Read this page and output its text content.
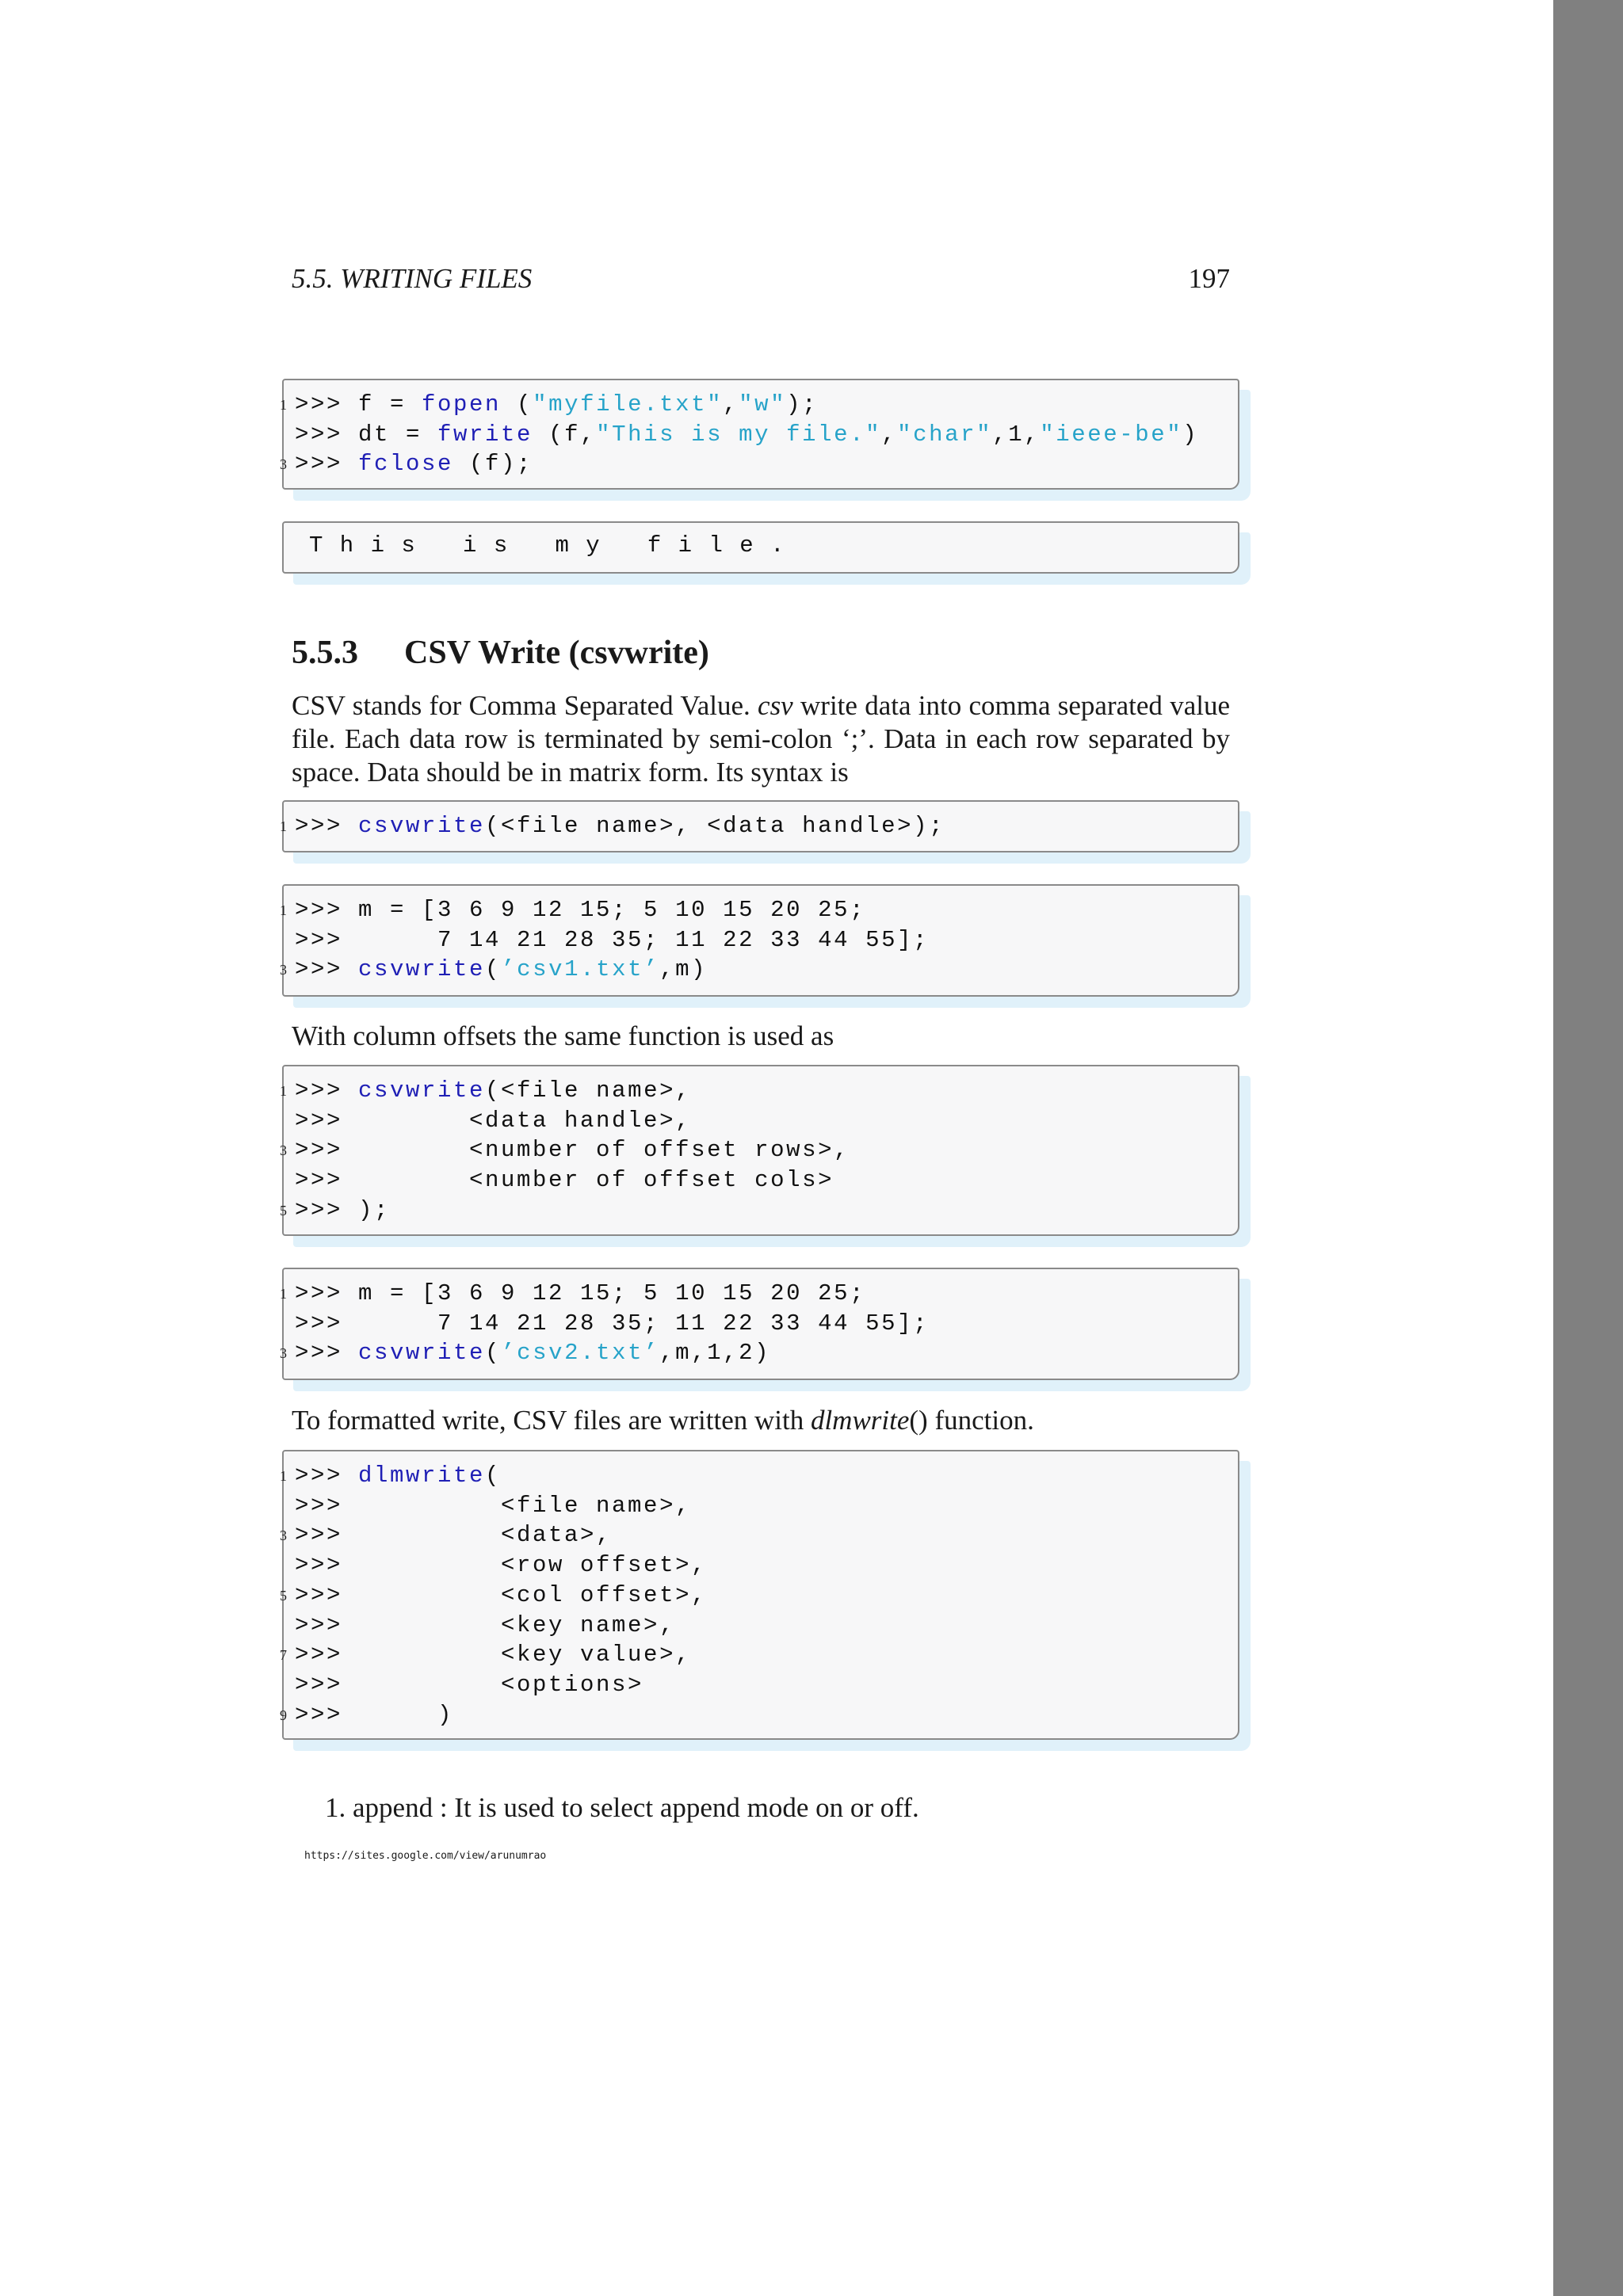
5.5. WRITING FILES	197
1 >>> f = fopen ("myfile.txt","w");
>>> dt = fwrite (f,"This is my file.","char",1,"ieee-be")
3 >>> fclose (f);
T h i s   i s   m y   f i l e .
5.5.3 CSV Write (csvwrite)

CSV stands for Comma Separated Value. csv write data into comma separated value file. Each data row is terminated by semi-colon ‘;’. Data in each row separated by space. Data should be in matrix form. Its syntax is

1 >>> csvwrite(<file name>, <data handle>);
1 >>> m = [3 6 9 12 15; 5 10 15 20 25;
>>>      7 14 21 28 35; 11 22 33 44 55];
3 >>> csvwrite(’csv1.txt’,m)

With column offsets the same function is used as

1 >>> csvwrite(<file name>,
>>>        <data handle>,
3 >>>        <number of offset rows>,
>>>        <number of offset cols>
5 >>> );
1 >>> m = [3 6 9 12 15; 5 10 15 20 25;
>>>      7 14 21 28 35; 11 22 33 44 55];
3 >>> csvwrite(’csv2.txt’,m,1,2)

To formatted write, CSV files are written with dlmwrite() function.

1 >>> dlmwrite(
>>>          <file name>,
3 >>>          <data>,
>>>          <row offset>,
5 >>>          <col offset>,
>>>          <key name>,
7 >>>          <key value>,
>>>          <options>
9 >>>      )
1. append : It is used to select append mode on or off.
https://sites.google.com/view/arunumrao
